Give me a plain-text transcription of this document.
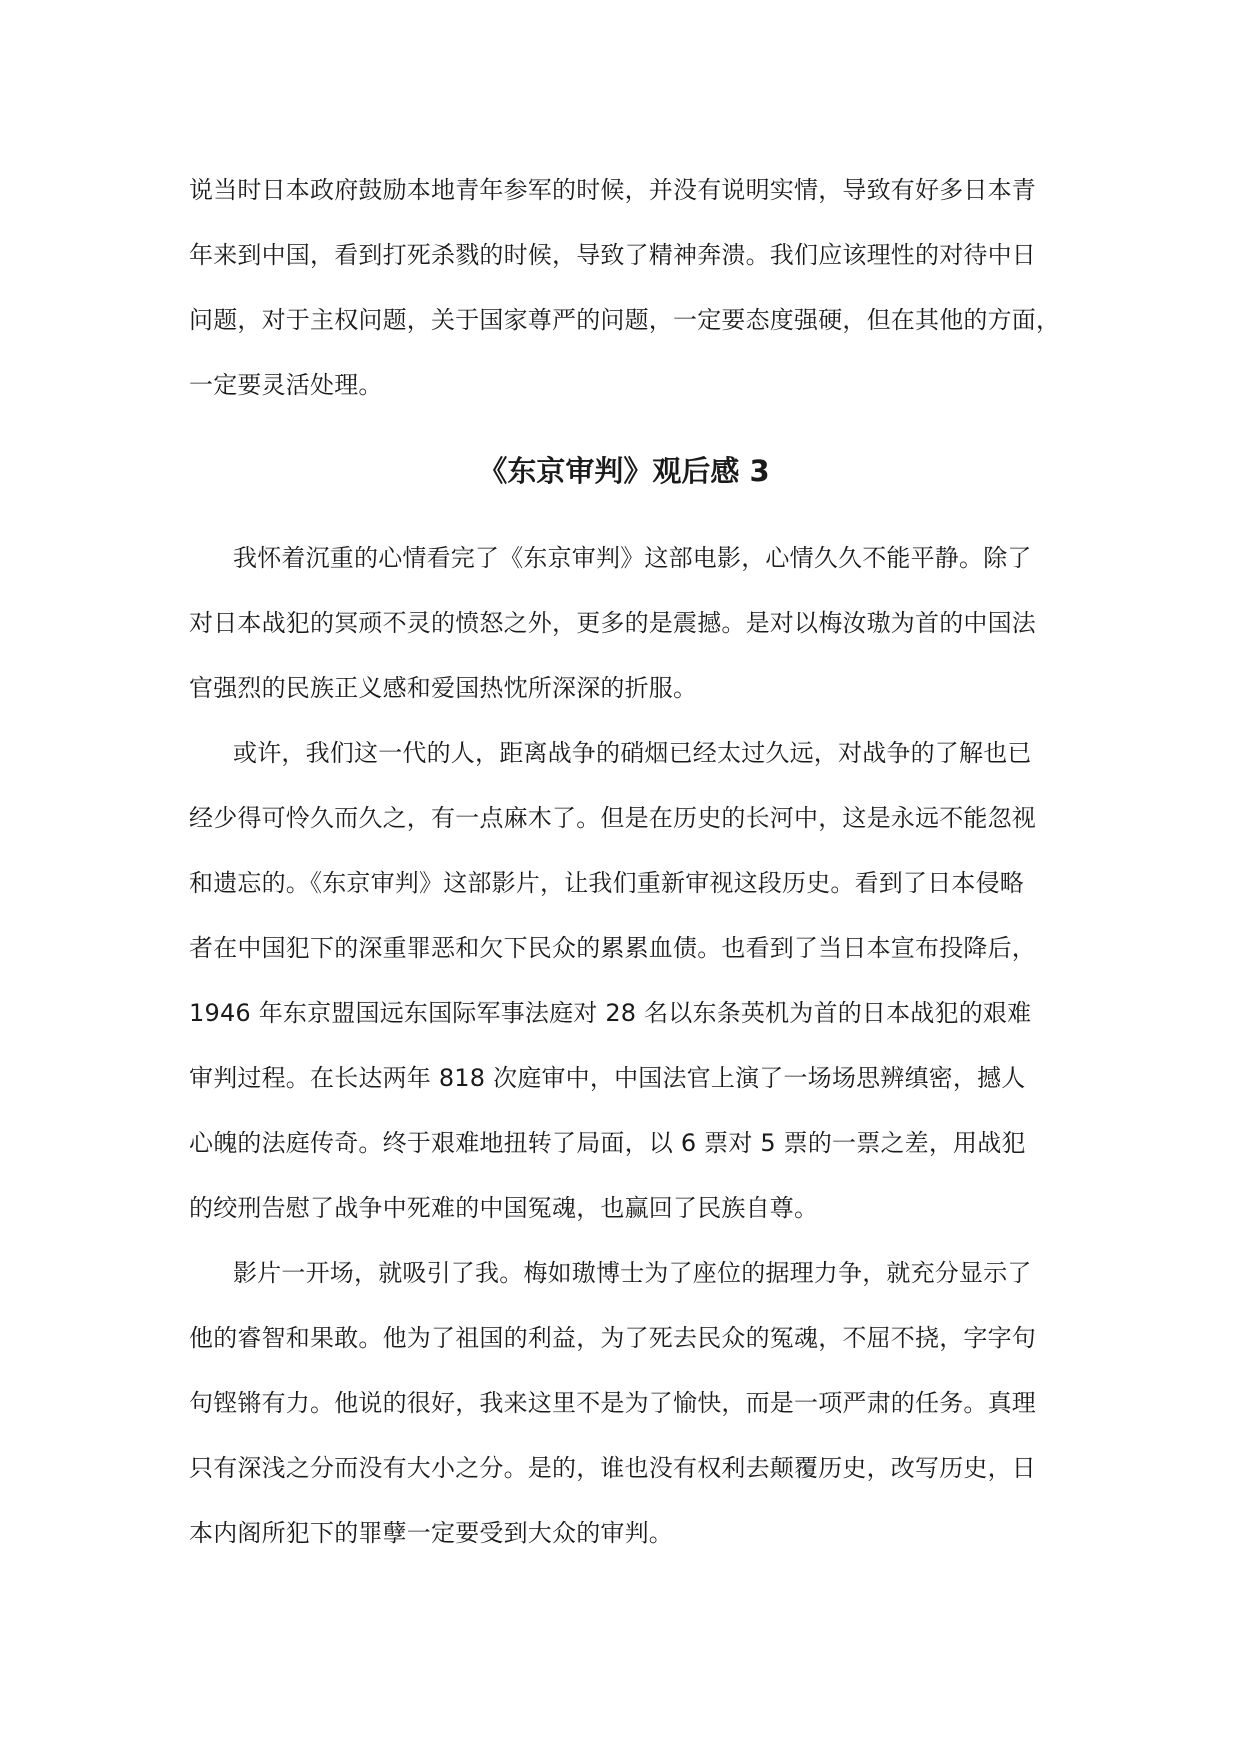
说当时日本政府鼓励本地青年参军的时候，并没有说明实情，导致有好多日本青
年来到中国，看到打死杀戮的时候，导致了精神奔溃。我们应该理性的对待中日
问题，对于主权问题，关于国家尊严的问题，一定要态度强硬，但在其他的方面，
一定要灵活处理。
《东京审判》观后感 3
我怀着沉重的心情看完了《东京审判》这部电影，心情久久不能平静。除了
对日本战犯的冥顽不灵的愤怒之外，更多的是震撼。是对以梅汝璈为首的中国法
官强烈的民族正义感和爱国热忱所深深的折服。
或许，我们这一代的人，距离战争的硝烟已经太过久远，对战争的了解也已
经少得可怜久而久之，有一点麻木了。但是在历史的长河中，这是永远不能忽视
和遗忘的。《东京审判》这部影片，让我们重新审视这段历史。看到了日本侵略
者在中国犯下的深重罪恶和欠下民众的累累血债。也看到了当日本宣布投降后，
1946 年东京盟国远东国际军事法庭对 28 名以东条英机为首的日本战犯的艰难
审判过程。在长达两年 818 次庭审中，中国法官上演了一场场思辨缜密，撼人
心魄的法庭传奇。终于艰难地扭转了局面，以 6 票对 5 票的一票之差，用战犯
的绞刑告慰了战争中死难的中国冤魂，也赢回了民族自尊。
影片一开场，就吸引了我。梅如璈博士为了座位的据理力争，就充分显示了
他的睿智和果敢。他为了祖国的利益，为了死去民众的冤魂，不屈不挠，字字句
句铿锵有力。他说的很好，我来这里不是为了愉快，而是一项严肃的任务。真理
只有深浅之分而没有大小之分。是的，谁也没有权利去颠覆历史，改写历史，日
本内阁所犯下的罪孽一定要受到大众的审判。
